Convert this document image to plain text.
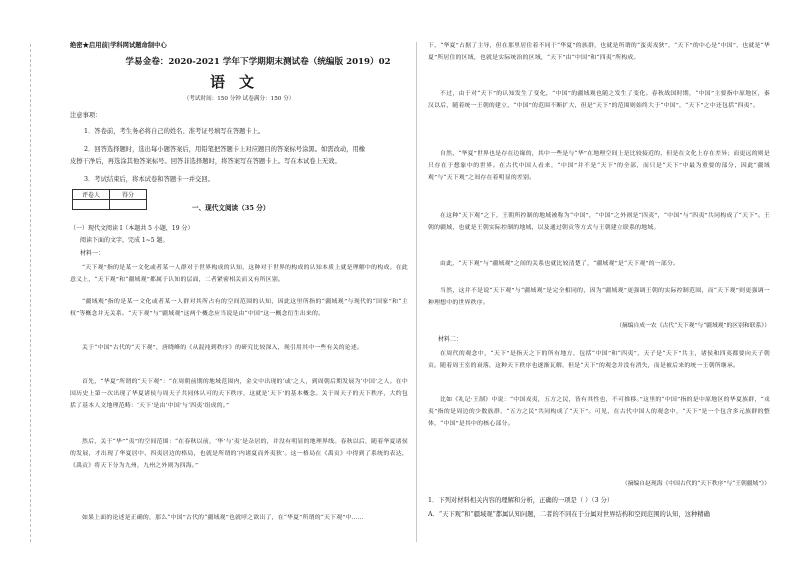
绝密★启用前|学科网试题命制中心
学易金卷：2020-2021 学年下学期期末测试卷（统编版 2019）02
语文
（考试时间：150 分钟 试卷满分：150 分）
注意事项：
1．答卷前，考生务必将自己的姓名、准考证号填写在答题卡上。
2．回答选择题时，选出每小题答案后，用铅笔把答题卡上对应题目的答案标号涂黑。如需改动，用橡
皮擦干净后，再选涂其他答案标号。回答非选择题时，将答案写在答题卡上。写在本试卷上无效。
3．考试结束后，将本试卷和答题卡一并交回。
评卷人	得分

一、现代文阅读（35 分）
（一）现代文阅读 I（本题共 5 小题，19 分）
阅读下面的文字，完成 1~5 题。
材料一：

“天下观”指的是某一文化或者某一人群对于世界构成的认知，这种对于世界的构成的认知本质上就是理解中的构成。在此意义上，“天下观”和“疆域观”都属于认知的层面，二者紧密相关而又有所区别。

“疆域观”指的是某一文化或者某一人群对其所占有的空间范围的认知，因此这里所指的“疆域观”与现代的“国家”和“主权”等概念并无关系。“天下观”与“疆域观”这两个概念应当说是由“中国”这一概念衍生出来的。

关于“中国”古代的“天下观”，唐晓峰的《从混沌到秩序》的研究比较深入，现引用其中一些有关的论述。

首先，“华夏”所谓的“天下观”：“在周朝前期的地域范围内，金文中出现的‘或’之人，到周朝后期发展为‘中国’之人。在中国历史上第一次出现了华夏诸侯与周天子共同体认可的天下秩序，这就是‘天下’的基本概念。关于周天子的天下秩序，大约包括了基本人文地理范畴：‘天下’是由‘中国’与‘四夷’组成的。”

然后，关于“华”“夷”的空间范围：“在春秋以前，‘华’与‘夷’是杂居的，并没有明显的地理界线。春秋以后，随着华夏诸侯的发展，才出现了华夏居中、四夷居边的格局，也就是所谓的‘内诸夏而外夷狄’。这一格局在《禹贡》中得到了系统的表达，《禹贡》将天下分为九州，九州之外则为四海。”

如果上面的论述是正确的，那么“中国”古代的“疆域观”也就呼之欲出了，在“华夏”所谓的“天下观”中……

下，“华夏”占据了主导，但在那里居住着不同于“华夏”的族群，也就是所谓的“蛮夷戎狄”，“天下”的中心是“中国”，也就是“华夏”所居住的区域，也就是实际统治的区域，“天下”由“中国”和“四夷”所构成。

不过，由于对“天下”的认知发生了变化，“中国”的疆域观也随之发生了变化。春秋战国时期，“中国”主要指中原地区，秦汉以后，随着统一王朝的建立，“中国”的范围不断扩大，但是“天下”的范围则始终大于“中国”，“天下”之中还包括“四夷”。

自然，“华夏”世界也是存在边缘的，其中一些是与“华”在地理空间上是比较接近的，但是在文化上存在差异；而更远的则是只存在于想象中的世界。在古代中国人看来，“中国”并不是“天下”的全部，而只是“天下”中最为重要的部分，因此“疆域观”与“天下观”之间存在着明显的差别。

在这种“天下观”之下，王朝所控制的地域被称为“中国”，“中国”之外则是“四夷”，“中国”与“四夷”共同构成了“天下”。王朝的疆域，也就是王朝实际控制的地域，以及通过朝贡等方式与王朝建立联系的地域。

由此，“天下观”与“疆域观”之间的关系也就比较清楚了，“疆域观”是“天下观”的一部分。

当然，这并不是说“天下观”与“疆域观”是完全相同的，因为“疆域观”更强调王朝的实际控制范围，而“天下观”则更强调一种理想中的世界秩序。

（摘编自成一农《古代“天下观”与“疆域观”的区别和联系》）
材料二：

在周代的观念中，“天下”是指天之下的所有地方，包括“中国”和“四夷”，天子是“天下”共主，诸侯和四夷都要向天子朝贡。随着周王室的衰落，这种天下秩序也逐渐瓦解，但是“天下”的观念并没有消失，而是被后来的统一王朝所继承。

比如《礼记·王制》中说：“中国戎夷，五方之民，皆有其性也，不可推移。”这里的“中国”指的是中原地区的华夏族群，“戎夷”指的是周边的少数族群，“五方之民”共同构成了“天下”。可见，在古代中国人的观念中，“天下”是一个包含多元族群的整体，“中国”是其中的核心部分。

（摘编自赵现海《中国古代的“天下秩序”与“王朝疆域”》）
1．下列对材料相关内容的理解和分析，正确的一项是（ ）（3 分）
A．“天下观”和“疆域观”都属认知问题，二者的不同在于分属对世界结构和空间范围的认知，这种精确
